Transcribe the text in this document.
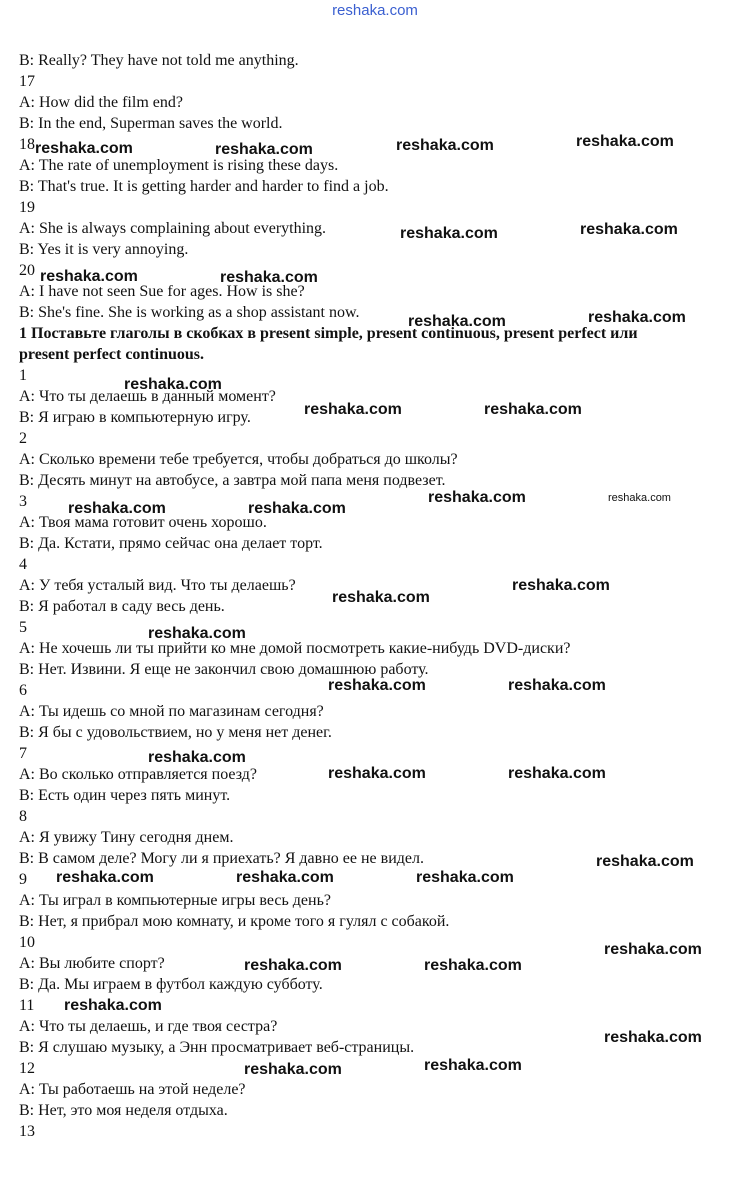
reshaka.com
B: Really? They have not told me anything.
17
A: How did the film end?
B: In the end, Superman saves the world.
18
A: The rate of unemployment is rising these days.
B: That's true. It is getting harder and harder to find a job.
19
A: She is always complaining about everything.
B: Yes it is very annoying.
20
A: I have not seen Sue for ages. How is she?
B: She's fine. She is working as a shop assistant now.
1 Поставьте глаголы в скобках в present simple, present continuous, present perfect или
present perfect continuous.
1
A: Что ты делаешь в данный момент?
B: Я играю в компьютерную игру.
2
A: Сколько времени тебе требуется, чтобы добраться до школы?
B: Десять минут на автобусе, а завтра мой папа меня подвезет.
3
A: Твоя мама готовит очень хорошо.
B: Да. Кстати, прямо сейчас она делает торт.
4
A: У тебя усталый вид. Что ты делаешь?
B: Я работал в саду весь день.
5
A: Не хочешь ли ты прийти ко мне домой посмотреть какие-нибудь DVD-диски?
B: Нет. Извини. Я еще не закончил свою домашнюю работу.
6
A: Ты идешь со мной по магазинам сегодня?
B: Я бы с удовольствием, но у меня нет денег.
7
A: Во сколько отправляется поезд?
B: Есть один через пять минут.
8
A: Я увижу Тину сегодня днем.
B: В самом деле? Могу ли я приехать? Я давно ее не видел.
9
A: Ты играл в компьютерные игры весь день?
B: Нет, я прибрал мою комнату, и кроме того я гулял с собакой.
10
A: Вы любите спорт?
B: Да. Мы играем в футбол каждую субботу.
11
A: Что ты делаешь, и где твоя сестра?
B: Я слушаю музыку, а Энн просматривает веб-страницы.
12
A: Ты работаешь на этой неделе?
B: Нет, это моя неделя отдыха.
13
reshaka.com	reshaka.com	reshaka.com	reshaka.com
reshaka.com	reshaka.com
reshaka.com	reshaka.com
reshaka.com	reshaka.com
reshaka.com
reshaka.com	reshaka.com
reshaka.com	reshaka.com
reshaka.com	reshaka.com
reshaka.com
reshaka.com
reshaka.com
reshaka.com	reshaka.com
reshaka.com
reshaka.com	reshaka.com
reshaka.com
reshaka.com	reshaka.com	reshaka.com
reshaka.com
reshaka.com	reshaka.com
reshaka.com
reshaka.com
reshaka.com
reshaka.com
